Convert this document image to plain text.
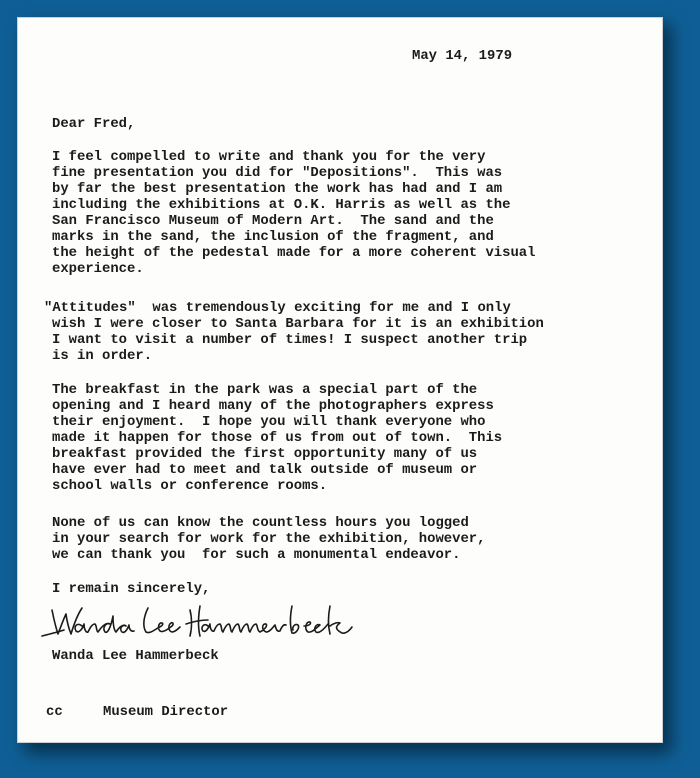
May 14, 1979
Dear Fred,
I feel compelled to write and thank you for the very
fine presentation you did for "Depositions".  This was
by far the best presentation the work has had and I am
including the exhibitions at O.K. Harris as well as the
San Francisco Museum of Modern Art.  The sand and the
marks in the sand, the inclusion of the fragment, and
the height of the pedestal made for a more coherent visual
experience.
"Attitudes"  was tremendously exciting for me and I only
wish I were closer to Santa Barbara for it is an exhibition
I want to visit a number of times! I suspect another trip
is in order.
The breakfast in the park was a special part of the
opening and I heard many of the photographers express
their enjoyment.  I hope you will thank everyone who
made it happen for those of us from out of town.  This
breakfast provided the first opportunity many of us
have ever had to meet and talk outside of museum or
school walls or conference rooms.
None of us can know the countless hours you logged
in your search for work for the exhibition, however,
we can thank you  for such a monumental endeavor.
I remain sincerely,
Wanda Lee Hammerbeck
cc	Museum Director
